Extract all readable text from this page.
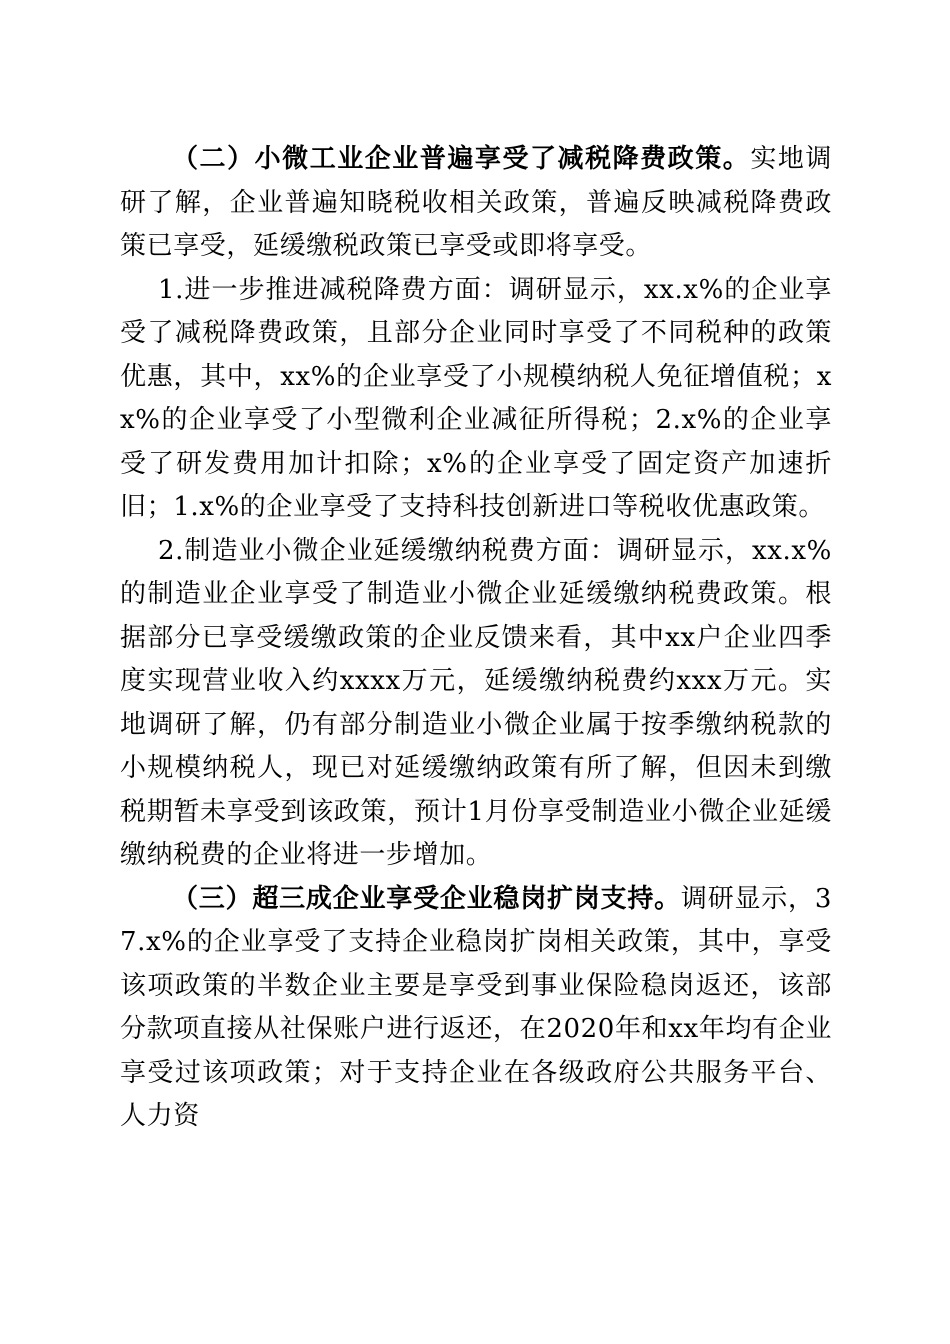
（二）小微工业企业普遍享受了减税降费政策。实地调研了解，企业普遍知晓税收相关政策，普遍反映减税降费政策已享受，延缓缴税政策已享受或即将享受。

1.进一步推进减税降费方面：调研显示，xx.x%的企业享受了减税降费政策，且部分企业同时享受了不同税种的政策优惠，其中，xx%的企业享受了小规模纳税人免征增值税；xx%的企业享受了小型微利企业减征所得税；2.x%的企业享受了研发费用加计扣除；x%的企业享受了固定资产加速折旧；1.x%的企业享受了支持科技创新进口等税收优惠政策。

2.制造业小微企业延缓缴纳税费方面：调研显示，xx.x%的制造业企业享受了制造业小微企业延缓缴纳税费政策。根据部分已享受缓缴政策的企业反馈来看，其中xx户企业四季度实现营业收入约xxxx万元，延缓缴纳税费约xxx万元。实地调研了解，仍有部分制造业小微企业属于按季缴纳税款的小规模纳税人，现已对延缓缴纳政策有所了解，但因未到缴税期暂未享受到该政策，预计1月份享受制造业小微企业延缓缴纳税费的企业将进一步增加。

（三）超三成企业享受企业稳岗扩岗支持。调研显示，37.x%的企业享受了支持企业稳岗扩岗相关政策，其中，享受该项政策的半数企业主要是享受到事业保险稳岗返还，该部分款项直接从社保账户进行返还，在2020年和xx年均有企业享受过该项政策；对于支持企业在各级政府公共服务平台、人力资
